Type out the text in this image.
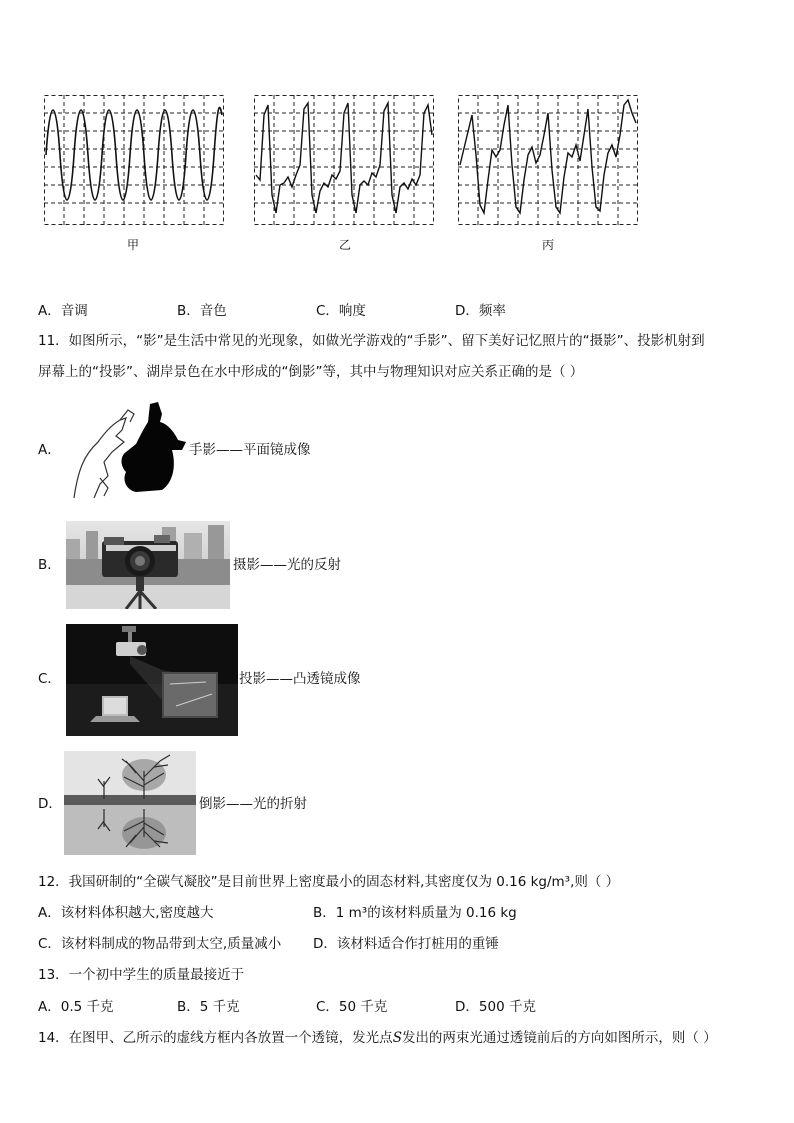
甲	乙	丙
A．音调	B．音色	C．响度	D．频率
11．如图所示，“影”是生活中常见的光现象，如做光学游戏的“手影”、留下美好记忆照片的“摄影”、投影机射到
屏幕上的“投影”、湖岸景色在水中形成的“倒影”等，其中与物理知识对应关系正确的是（ ）
A．	手影——平面镜成像
B．	摄影——光的反射
C．	投影——凸透镜成像
D．	倒影——光的折射
12．我国研制的“全碳气凝胶”是目前世界上密度最小的固态材料,其密度仅为 0.16 kg/m³,则（ ）
A．该材料体积越大,密度越大	B．1 m³的该材料质量为 0.16 kg
C．该材料制成的物品带到太空,质量减小 D．该材料适合作打桩用的重锤
13．一个初中学生的质量最接近于
A．0.5 千克	B．5 千克	C．50 千克	D．500 千克
14．在图甲、乙所示的虚线方框内各放置一个透镜，发光点S发出的两束光通过透镜前后的方向如图所示，则（ ）
